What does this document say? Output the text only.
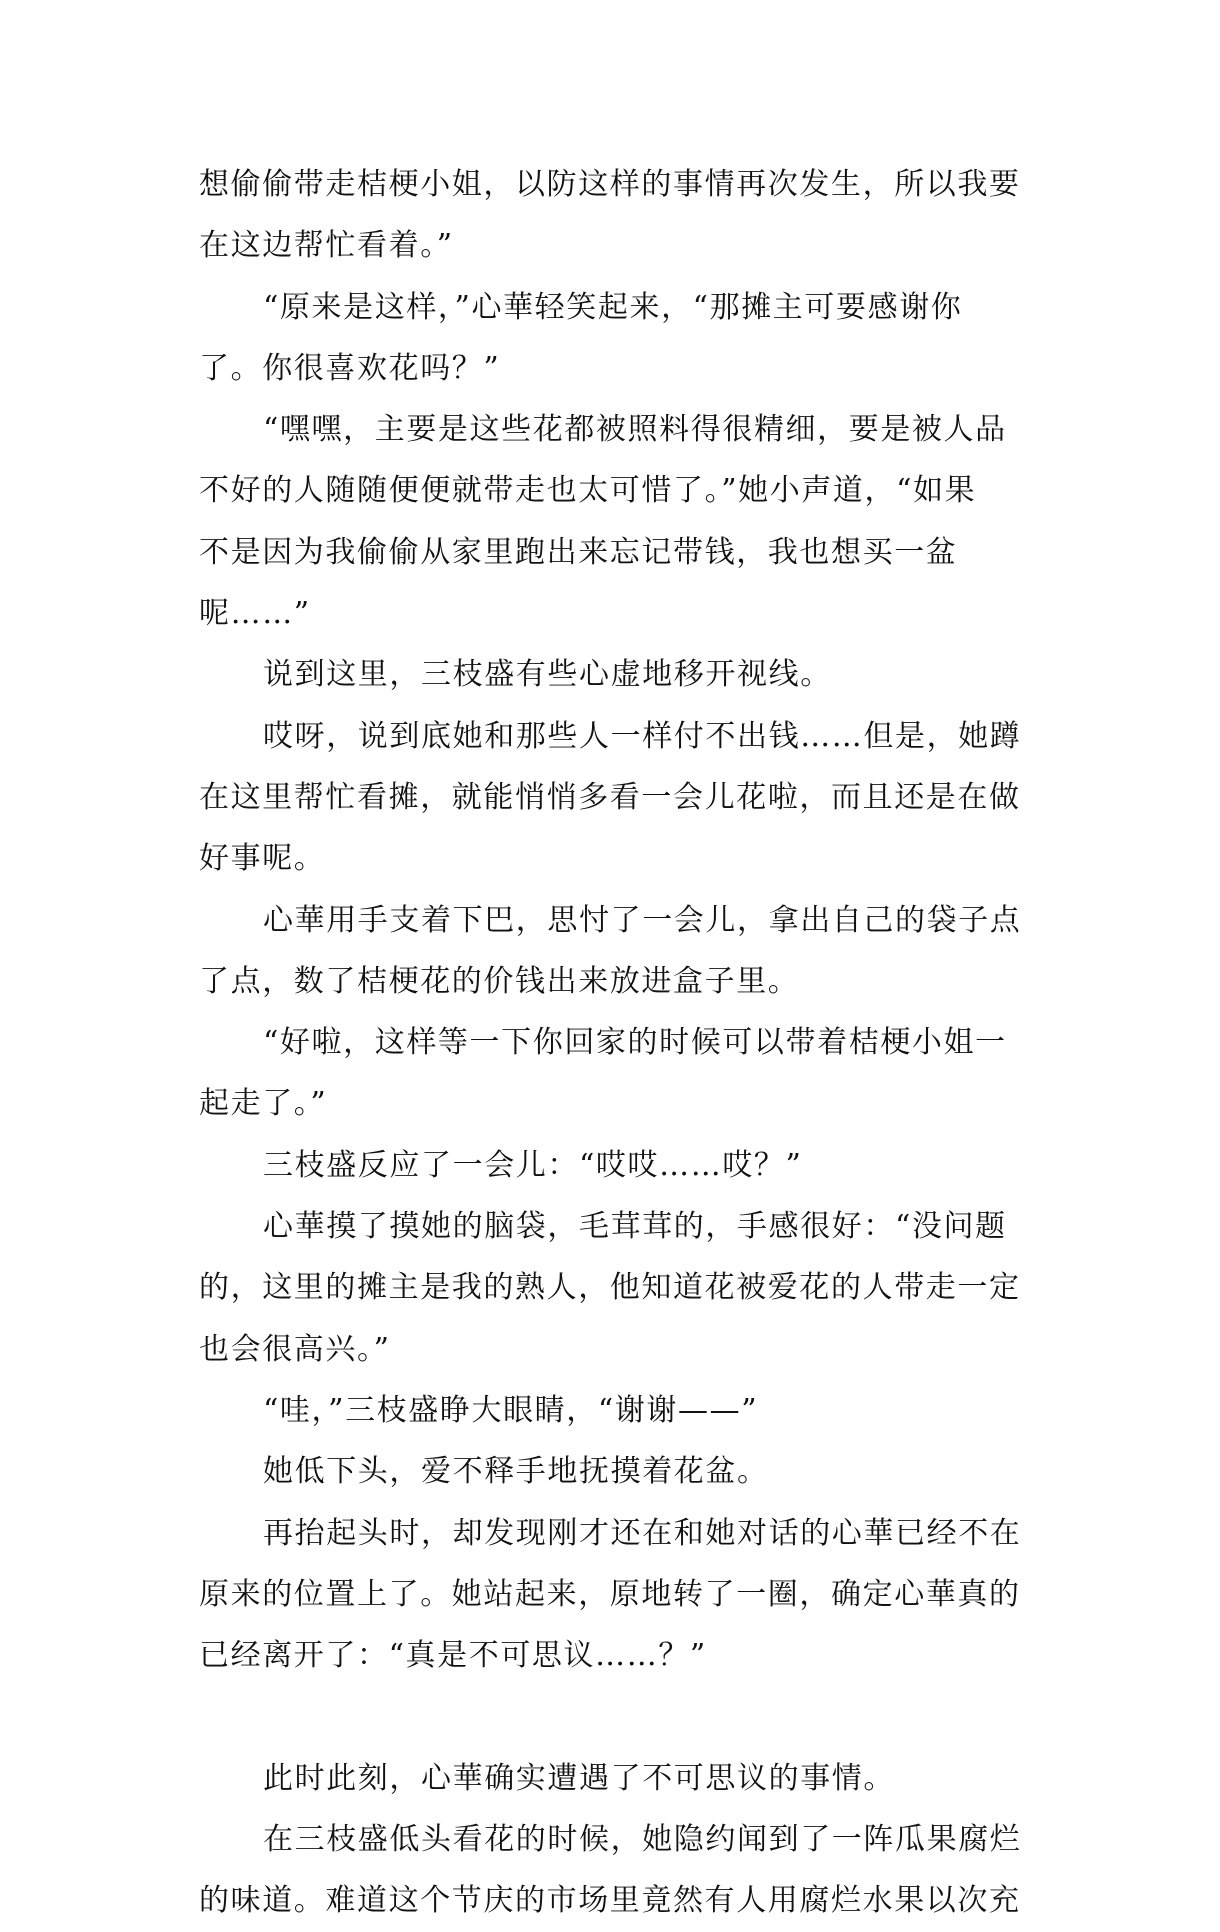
想偷偷带走桔梗小姐，以防这样的事情再次发生，所以我要
在这边帮忙看着。”
“原来是这样，”心華轻笑起来，“那摊主可要感谢你
了。你很喜欢花吗？”
“嘿嘿，主要是这些花都被照料得很精细，要是被人品
不好的人随随便便就带走也太可惜了。”她小声道，“如果
不是因为我偷偷从家里跑出来忘记带钱，我也想买一盆
呢……”
说到这里，三枝盛有些心虚地移开视线。
哎呀，说到底她和那些人一样付不出钱……但是，她蹲
在这里帮忙看摊，就能悄悄多看一会儿花啦，而且还是在做
好事呢。
心華用手支着下巴，思忖了一会儿，拿出自己的袋子点
了点，数了桔梗花的价钱出来放进盒子里。
“好啦，这样等一下你回家的时候可以带着桔梗小姐一
起走了。”
三枝盛反应了一会儿：“哎哎……哎？”
心華摸了摸她的脑袋，毛茸茸的，手感很好：“没问题
的，这里的摊主是我的熟人，他知道花被爱花的人带走一定
也会很高兴。”
“哇，”三枝盛睁大眼睛，“谢谢——”
她低下头，爱不释手地抚摸着花盆。
再抬起头时，却发现刚才还在和她对话的心華已经不在
原来的位置上了。她站起来，原地转了一圈，确定心華真的
已经离开了：“真是不可思议……？”
此时此刻，心華确实遭遇了不可思议的事情。
在三枝盛低头看花的时候，她隐约闻到了一阵瓜果腐烂
的味道。难道这个节庆的市场里竟然有人用腐烂水果以次充
